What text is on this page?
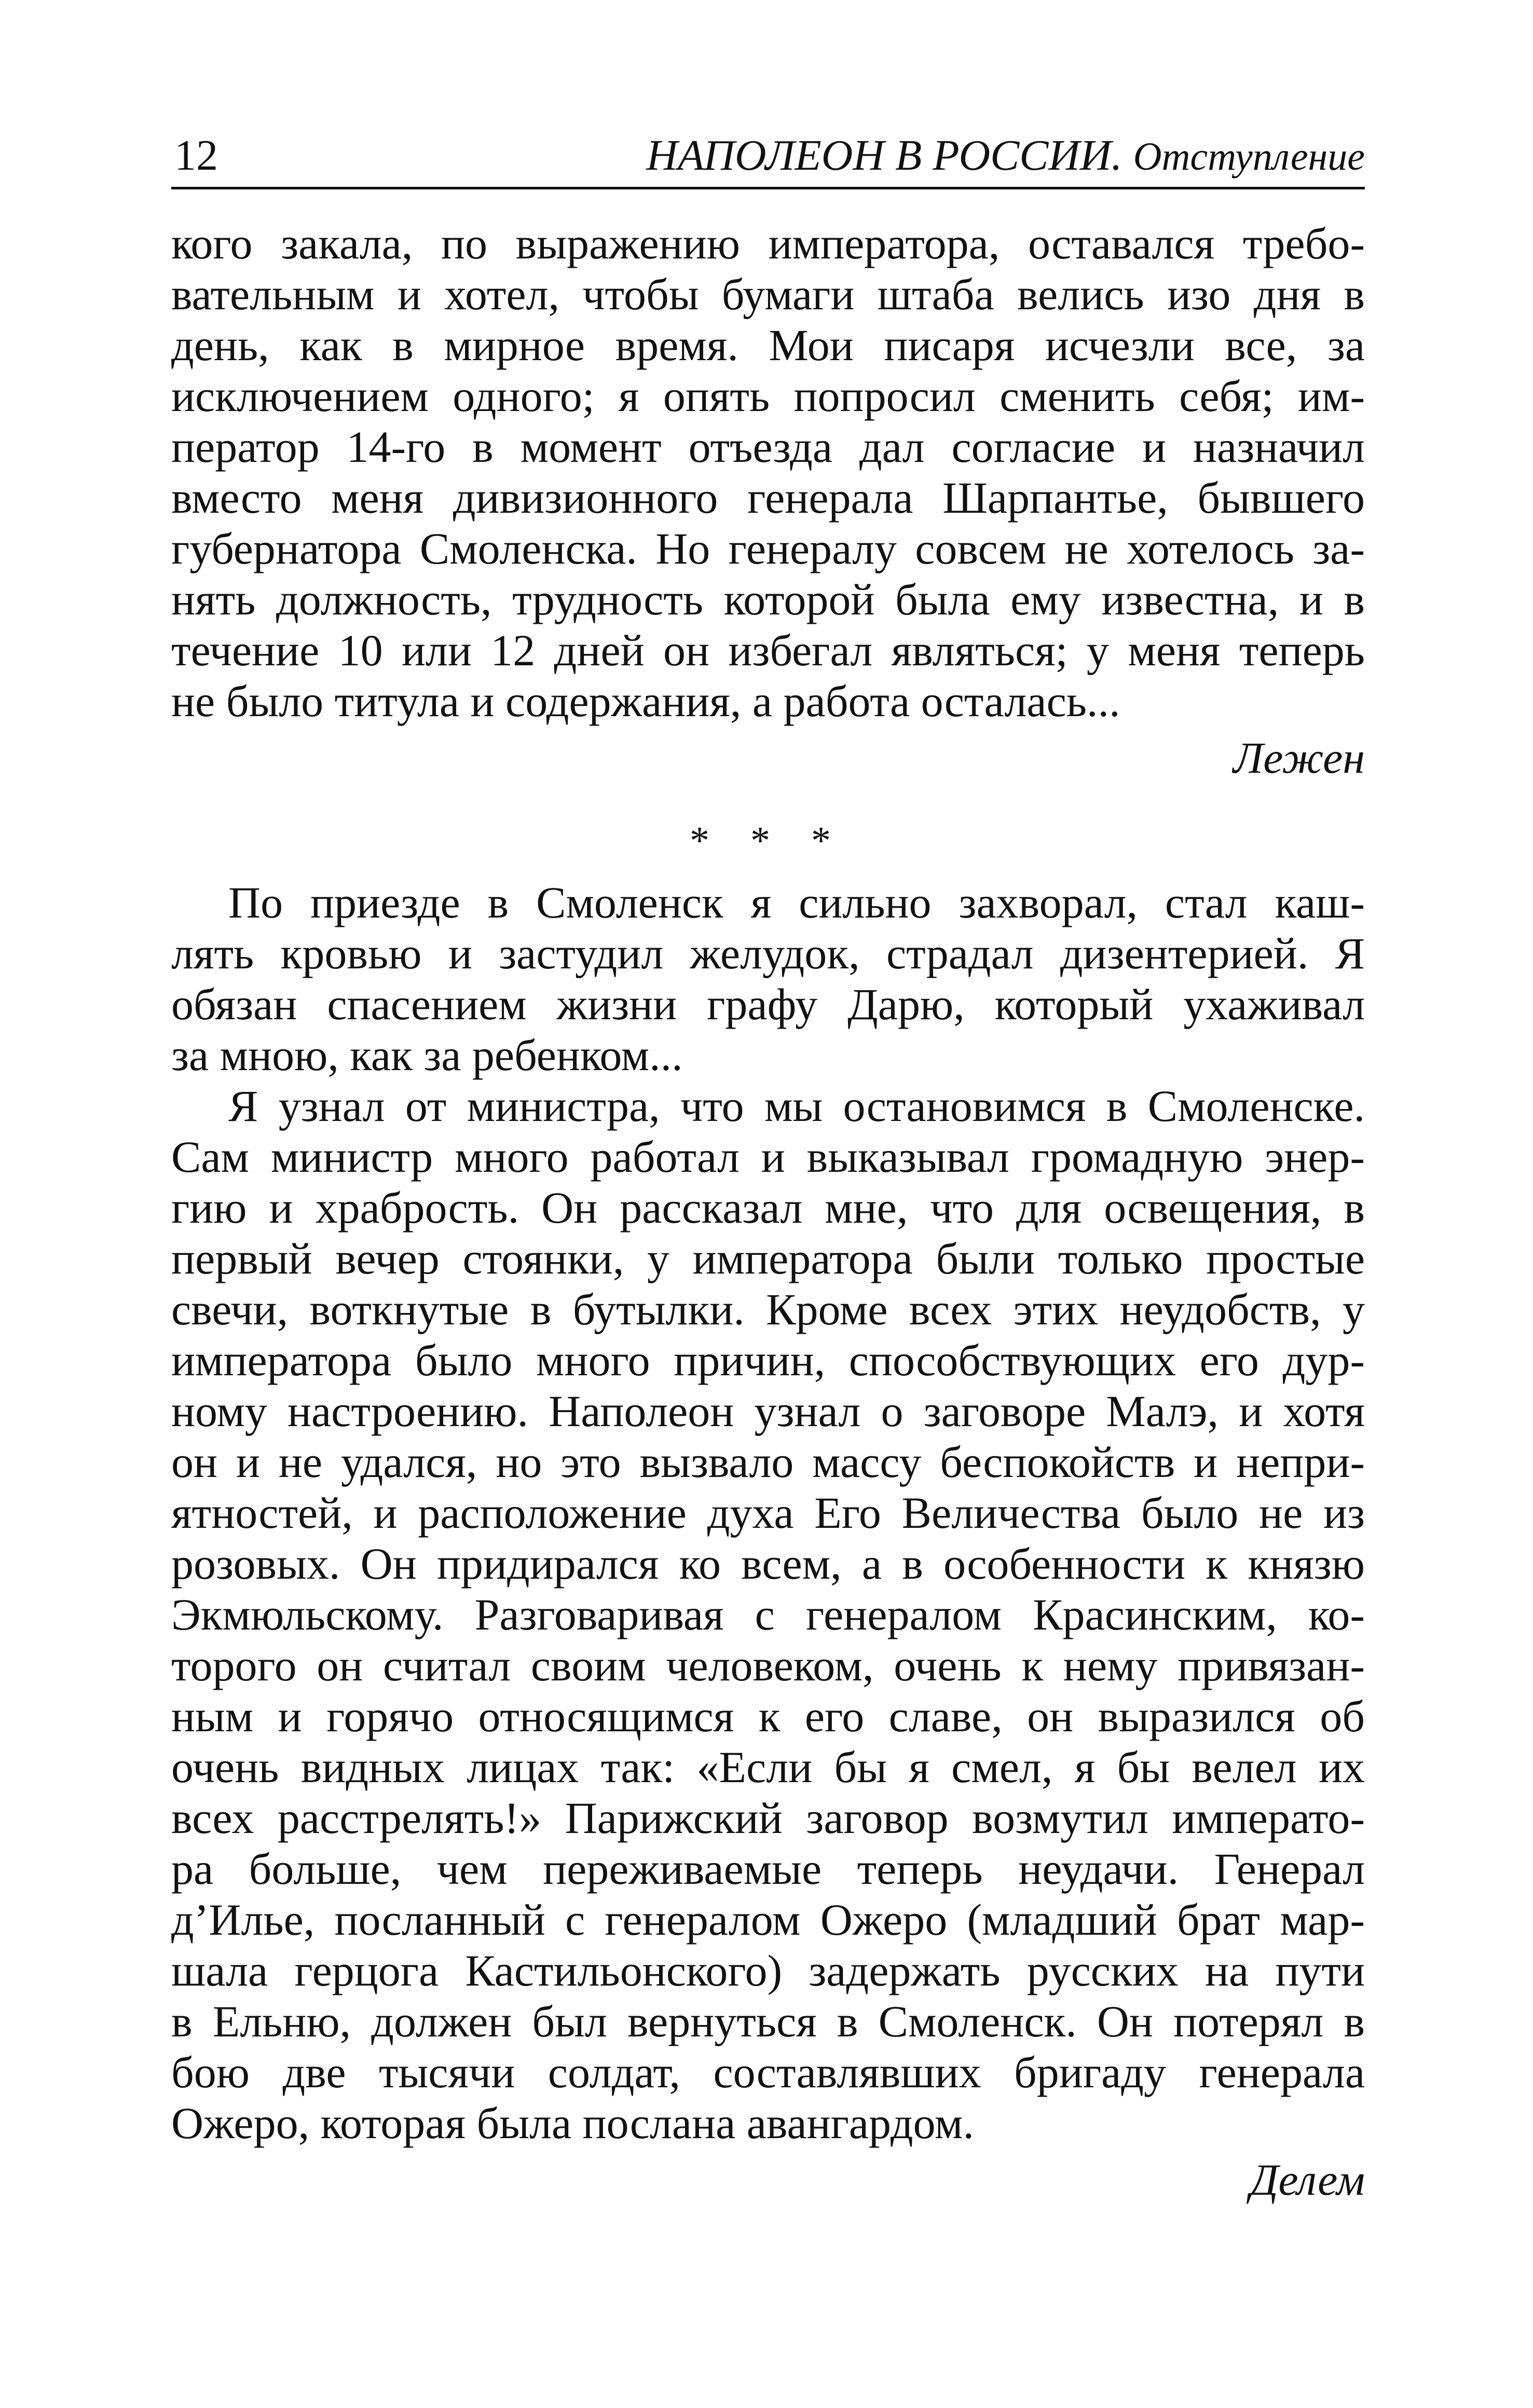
12	НАПОЛЕОН В РОССИИ. Отступление
кого закала, по выражению императора, оставался требо-
вательным и хотел, чтобы бумаги штаба велись изо дня в
день, как в мирное время. Мои писаря исчезли все, за
исключением одного; я опять попросил сменить себя; им-
ператор 14-го в момент отъезда дал согласие и назначил
вместо меня дивизионного генерала Шарпантье, бывшего
губернатора Смоленска. Но генералу совсем не хотелось за-
нять должность, трудность которой была ему известна, и в
течение 10 или 12 дней он избегал являться; у меня теперь
не было титула и содержания, а работа осталась...
Лежен
* * *
По приезде в Смоленск я сильно захворал, стал каш-
лять кровью и застудил желудок, страдал дизентерией. Я
обязан спасением жизни графу Дарю, который ухаживал
за мною, как за ребенком...
Я узнал от министра, что мы остановимся в Смоленске.
Сам министр много работал и выказывал громадную энер-
гию и храбрость. Он рассказал мне, что для освещения, в
первый вечер стоянки, у императора были только простые
свечи, воткнутые в бутылки. Кроме всех этих неудобств, у
императора было много причин, способствующих его дур-
ному настроению. Наполеон узнал о заговоре Малэ, и хотя
он и не удался, но это вызвало массу беспокойств и непри-
ятностей, и расположение духа Его Величества было не из
розовых. Он придирался ко всем, а в особенности к князю
Экмюльскому. Разговаривая с генералом Красинским, ко-
торого он считал своим человеком, очень к нему привязан-
ным и горячо относящимся к его славе, он выразился об
очень видных лицах так: «Если бы я смел, я бы велел их
всех расстрелять!» Парижский заговор возмутил императо-
ра больше, чем переживаемые теперь неудачи. Генерал
д’Илье, посланный с генералом Ожеро (младший брат мар-
шала герцога Кастильонского) задержать русских на пути
в Ельню, должен был вернуться в Смоленск. Он потерял в
бою две тысячи солдат, составлявших бригаду генерала
Ожеро, которая была послана авангардом.
Делем
